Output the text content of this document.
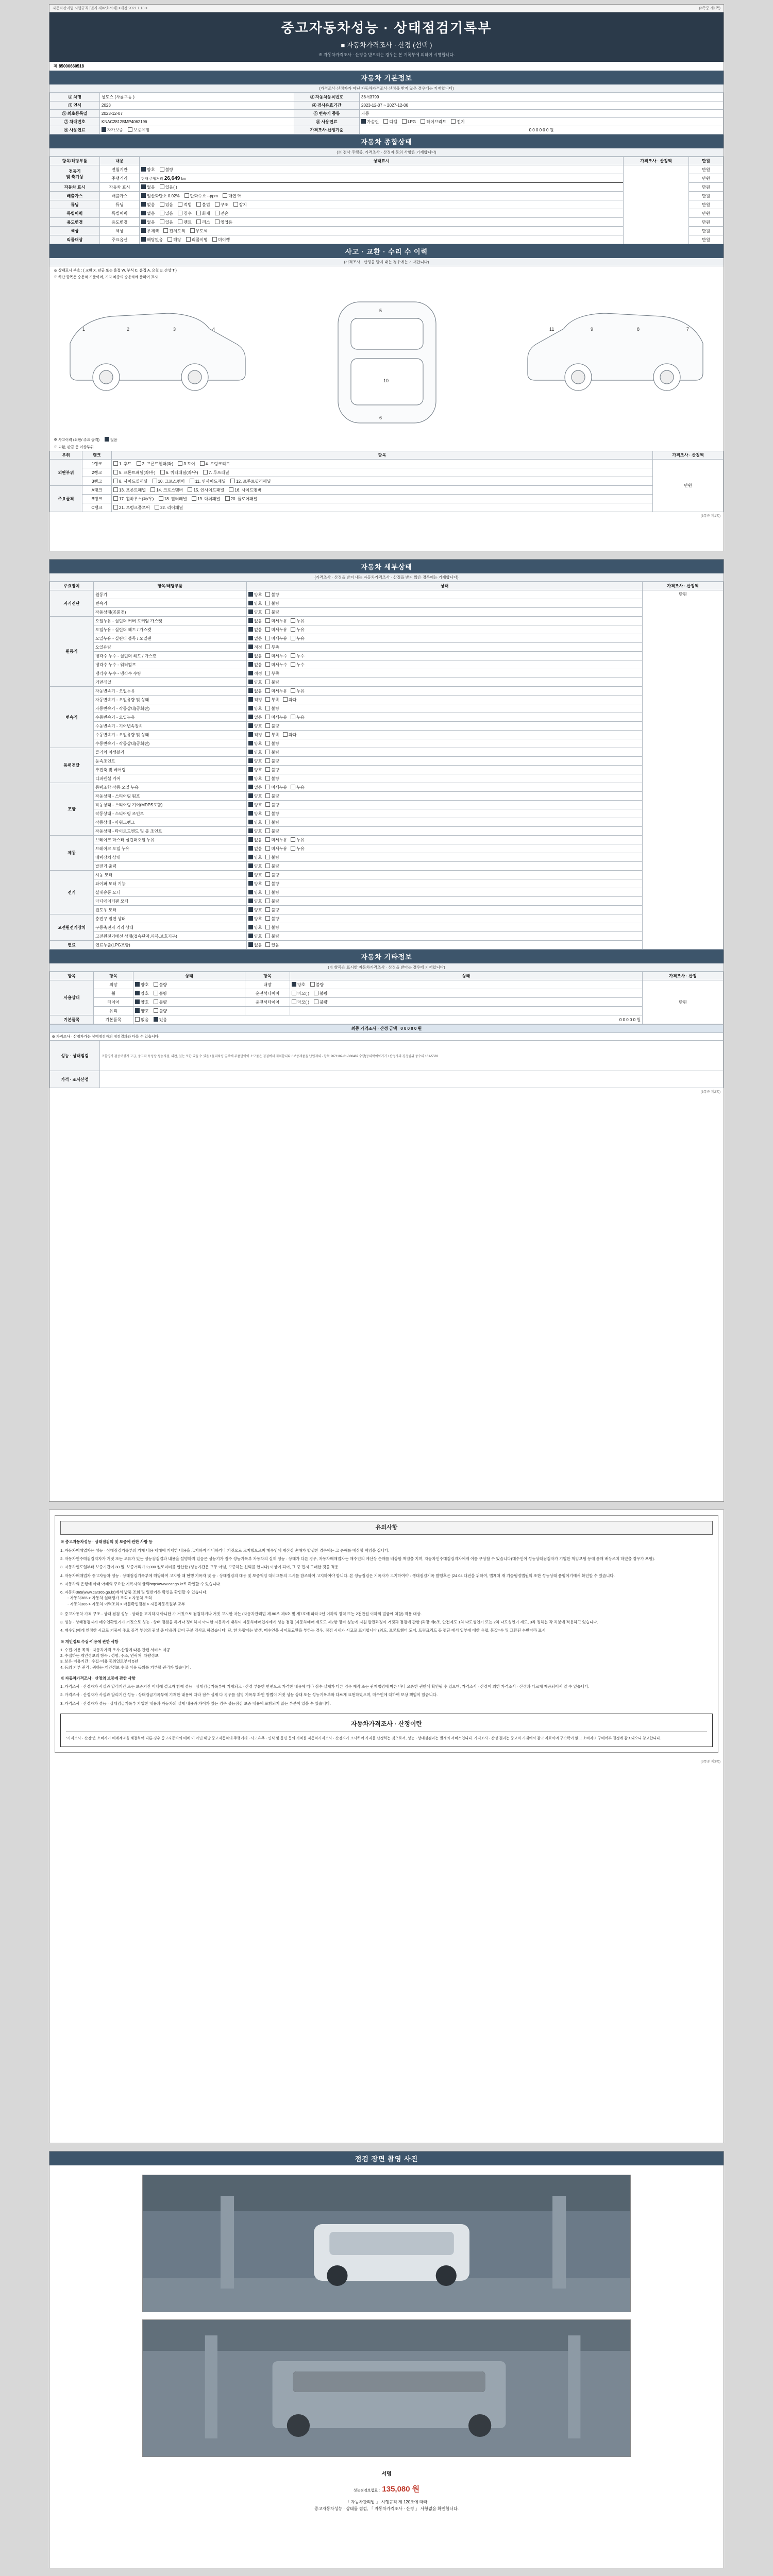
자동차관리법 시행규칙 [별지 제82호서식] <개정 2021.1.13.>	(3쪽중 제1쪽)
중고자동차성능 · 상태점검기록부
■ 자동차가격조사 · 산정 (선택 )
※ 자동차가격조사 · 산정을 받으려는 경우는 본 기록부에 의하여 시행합니다.
제 85000660518
자동차 기본정보
(가격조사·산정자가 아닌 자동차가격조사·산정을 받지 않은 경우에는 기재합니다)
① 차명	셀토스 (사륜구동 )	② 자동차등록번호	36서3799
③ 연식	2023	④ 검사유효기간	2023-12-07 ~ 2027-12-06
⑤ 최초등록일	2023-12-07	⑥ 변속기 종류	자동
⑦ 차대번호	KNAC2812BMP4062196	⑧ 사용연료	가솔린 디젤 LPG 하이브리드 전기
⑨ 사용연료	자가보증 보증유형	가격조사·산정기준	0 0 0 0 0 0 원
자동차 종합상태
(※ 검사 주행중, 가격조사 · 산정자 동의 사항은 기재합니다)
항목/해당부품	내용	상태표시	가격조사 · 산정액	만원
전동기
및 축기상	전월기관	양호 불량		만원
	주행거리	현재 주행거리 26,649 km		만원
자동차 표시	자동차 표시	없음 있음( )		만원
배출가스	배출가스	일산화탄소 0.02% 탄화수소 --ppm 매연 %		만원
튜닝	튜닝	없음 있음 적법 불법 구조 장치		만원
특별이력	특별이력	없음 있음 침수 화재 전손		만원
용도변경	용도변경	없음 있음 렌트 리스 영업용		만원
색상	색상	무채색 전체도색 무도색		만원
리콜대상	주요옵션	해당없음 해당 리콜이행 미이행		만원
사고 · 교환 · 수리 수 이력
(가격조사 · 산정을 받지 내는 경우에는 기재합니다)
※ 상태표시 부호 : ( 교환 X, 판금 또는 용접 W, 부식 C, 흠집 A, 요철 U, 손상 T )
※ 하단 항목은 승용차 기준이며, 기타 차종의 승용차에 준하여 표시
1	2	3	4
5
10
6
7
8
9
11
※ 사고이력 (외판/ 주요 골격)	없음
※ 교환, 판금 등 이상부위
부위	랭크	항목	가격조사 · 산정액
외판부위	1랭크	1. 후드 2. 프론트휀더(좌) 3.도어 4. 트렁크리드	만원
	2랭크	5. 프론트패널(좌/우) 6. 쿼터패널(좌/우) 7. 루프패널	
	3랭크	8. 사이드실패널 10. 크로스멤버 11. 인사이드패널 12. 프론트필러패널	
주요골격	A랭크	13. 프론트패널 14. 크로스멤버 15. 인사이드패널 16. 사이드멤버	
	B랭크	17. 휠하우스(좌/우) 18. 필러패널 19. 대쉬패널 20. 플로어패널	
	C랭크	21. 트렁크플로어 22. 리어패널	
(3쪽중 제1쪽)
자동차 세부상태
(가격조사 · 산정을 받지 내는 자동차가격조사 · 산정을 받지 않은 경우에는 기재합니다)
주요장치	항목/해당부품	상태	가격조사 · 산정액
자기진단	원동기	양호 불량	만원
	변속기	양호 불량	
	작동상태(공회전)	양호 불량	
원동기	오일누유 - 실린더 커버 로커암 가스켓	없음 미세누유 누유	
	오일누유 - 실린더 헤드 / 가스켓	없음 미세누유 누유	
	오일누유 - 실린더 블록 / 오일팬	없음 미세누유 누유	
	오일유량	적정 부족	
	냉각수 누수 - 실린더 헤드 / 가스켓	없음 미세누수 누수	
	냉각수 누수 - 워터펌프	없음 미세누수 누수	
	냉각수 누수 - 냉각수 수량	적정 부족	
	커먼레일	양호 불량	
변속기	자동변속기 - 오일누유	없음 미세누유 누유	
	자동변속기 - 오일유량 및 상태	적정 부족 과다	
	자동변속기 - 작동상태(공회전)	양호 불량	
	수동변속기 - 오일누유	없음 미세누유 누유	
	수동변속기 - 기어변속장치	양호 불량	
	수동변속기 - 오일유량 및 상태	적정 부족 과다	
	수동변속기 - 작동상태(공회전)	양호 불량	
동력전달	클러치 어셈블리	양호 불량	
	등속조인트	양호 불량	
	추진축 및 베어링	양호 불량	
	디퍼렌셜 기어	양호 불량	
조향	동력조향 작동 오일 누유	없음 미세누유 누유	
	작동상태 - 스티어링 펌프	양호 불량	
	작동상태 - 스티어링 기어(MDPS포함)	양호 불량	
	작동상태 - 스티어링 조인트	양호 불량	
	작동상태 - 파워크랭크	양호 불량	
	작동상태 - 타이로드엔드 및 볼 조인트	양호 불량	
제동	브레이크 마스터 실린더오일 누유	없음 미세누유 누유	
	브레이크 오일 누유	없음 미세누유 누유	
	배력장치 상태	양호 불량	
	발전기 출력	양호 불량	
전기	시동 모터	양호 불량	
	와이퍼 모터 기능	양호 불량	
	실내송풍 모터	양호 불량	
	라디에이터팬 모터	양호 불량	
	윈도우 모터	양호 불량	
고전원전기장치	충전구 절연 상태	양호 불량	
	구동축전지 격리 상태	양호 불량	
	고전원전기배선 상태(접속단자,피복,보호기구)	양호 불량	
연료	연료누출(LPG포함)	없음 있음	
자동차 기타정보
(※ 항목은 표시한 자동차가격조사 · 산정을 받아는 경우에 기재합니다)
항목	항목	상태	항목	상태	가격조사 · 산정
사용상태	외장	양호 불량	내장	양호 불량	만원
	휠	양호 불량	운전석타이어	마모( ) 불량	
	타이어	양호 불량	운전석타이어	마모( ) 불량	
	유리	양호 불량			
기본품목	기본품목	없음 있음 0 0 0 0 0 원			
최종 가격조사 · 산정 금액 0 0 0 0 0 원	
※ 가격조사 · 산정자가는 상태점검자의 점검결과와 다를 수 있습니다.	
성능 · 상태점검	조합평가 검증여상가 고급, 중고차 특성상 성능지점, 외판, 있는 또한 있을 수 있음 / 물의차량 일부에 부품만약이 소모품은 검검에서 제외합니다 / 보증제품을 납입제외 · 항목 2071102-61-000487 수행(등의약이약기기 / 산정자의 경청범위 중수의 161-5583
가격 · 조사산정	
(3쪽중 제2쪽)
유의사항
※ 중고자동차성능 · 상태점검의 및 보증에 관한 사항 등
1. 자동차매매업자는 성능 · 상태점검기록부의 기재 내용 제대에 기재한 내용을 고지하지 아니하거나 거짓으로 고지했으로써 매수인에 재산상 손해가 발생한 경우에는 그 손해를 배상할 책임을 집니다.
2. 자동차인수매검검지자가 거짓 또는 오류가 있는 성능검검결과 내용을 설명하지 있음은 성능기가 점수 성능기록부 자동차의 실제 성능 · 상태가 다른 경우, 자동차매매업자는 매수인의 계산상 손해를 배상할 책임을 지며, 자동차인수매검검지자에게 이를 구상할 수 있습니다(매수인이 성능상태점검자가 기입한 책임보험 등에 통해 배상조치 하였을 경우가 포함).
3. 자동차인도일부터 보증기간이 30 일, 보증거리가 2,000 킬로미터를 합산한 (성능기간은 모두 아님, 보증하는 신뢰를 합니다) 이상이 되어, 그 중 먼저 도래한 것을 적용.
4. 자동차매매업자 중고자동차 성능 · 상태점검기록부에 해당하여 고지할 때 현행 기록자 및 등 · 상태점검의 대응 및 보증책임 대비교통의 고시를 참조하여 고지하여야 합니다. 본 성능점검은 기록자가 고지하여야 · 생태점검기록 발행후은 (24.04 대전을 위하여, 법제처 재 기술행정법원의 또한 성능상태 품평이기에서 확인할 수 있습니다.
5. 자동차의 은행에 아래 아래의 주요한 기록자의 클릭http://www.car.go.kr로 확인할 수 있습니다.
6. 자동차365(www.car365.go.kr)에서 납품 조회 및 일반기록 확인을 확인할 수 있습니다.
- 자동차365 > 자동차 실태평가 조회 > 자동차 조회
- 자동차365 > 자동차 이력조회 > 매물확인점검 > 자동차등록원부 교부
2. 중고자동차 가격 구조 · 상태 점검 성능 · 상태를 고지하지 아니한 가 거짓으로 점검하거나 거짓 고지한 자는 (자동차관리법 제 80조 제6호 및 제7호에 따라 2년 이하의 징역 또는 2천만원 이하의 벌금에 처함) 적용 대상.
3. 성능 · 상태점검자가 매수인확인기가 거짓으로 성능 · 상태 점검을 하거나 정비하지 아니한 자동차에 대하여 자동차매매업자에게 성능 점검 (자동차매매 제도도 제2항 정비 성능에 지원 발전과정이 거짓과 점검에 관한 (과장 제6조, 안전제도 1차 나도성인기 또는 2차 나도성인기 제도, 3차 정해는 각 처분에 적용하고 있습니다.
4. 매수인(에게 인정한 시교로 거품이 주요 골격 부위의 권설 중 다음과 같이 구분 검사로 하였습니다. 단, 한 차량에는 발생, 매수인을 사이로교환을 부하는 경우, 점검 시세가 시교로 표기합니다 (외도, 프론트휀더 도어, 트렁크리드 등 평균 에서 일부에 대한 유럽, 몸값=수 및 교환된 수반아라 표시
※ 개인정보 수집·이용에 관한 사항
1. 수집·이용 목적 : 자동차가격 조사·산정에 따른 관련 서비스 제공
2. 수집하는 개인정보의 항목 : 성명, 주소, 연락처, 차량정보
3. 보유·이용기간 : 수집·이용 동의일로부터 5년
4. 동의 거부 권리 : 귀하는 개인정보 수집·이용 동의를 거부할 권리가 있습니다.
※ 자동차가격조사 · 산정의 보증에 관한 사항
1. 가격조사 · 산정자가 사실과 달리기간 또는 보증기간 이내에 결고자 함께 성능 · 상태검금기록부에 기재되고 · 산정 부분한 한편으로 가격한 내용에 따라 점수 실제가 다른 경우 제작 또는 관계법령에 따른 바나 으뜸한 권한에 확인될 수 있으며, 가격조사 · 산정이 의한 가격조사 · 산정과 다르게 제공되어서 알 수 있습니다.
2. 가격조사 · 산정자가 사실과 달리기간 성능 · 상태검금기록부에 기재한 내용에 따라 점수 실제 다 경우를 설명 기록부 확인 방법이 거짓 성능 상태 또는 성능기록부와 다르게 표현하였으며, 매수인에 대하여 보상 책임이 있습니다.
3. 가격조사 · 산정자가 성능 · 상태검금기록부 기입한 내용과 자동차의 실제 내용과 차이가 있는 경우 성능점검 보증 내용에 포함되지 않는 부분이 있을 수 있습니다.
자동차가격조사 · 산정이란
"가격조사 · 산정"은 소비자가 매매계약을 체결하여 다른 경우 중고자동차의 매매 이 아닌 해당 중고자동차의 주행거리 · 사고유무 · 연식 및 옵션 등의 가치를 자동차가격조사 · 산정자가 조사하여 가격을 산정하는 것으로서, 성능 · 상태점검과는 별개의 서비스입니다. 가격조사 · 산정 결과는 중고차 거래에서 참고 자료이며 구속력이 없고 소비자의 구매여부 결정에 참조되오니 참고합니다.
(3쪽중 제3쪽)
점검 장면 촬영 사진
서명
성능점검보험료 : 135,080 원
「 자동차관리법 」 시행규칙 제 120조에 따라
중고자동차성능 · 상태를 점검, 「 자동차가격조사 · 산정 」 사항없음 확인합니다.
